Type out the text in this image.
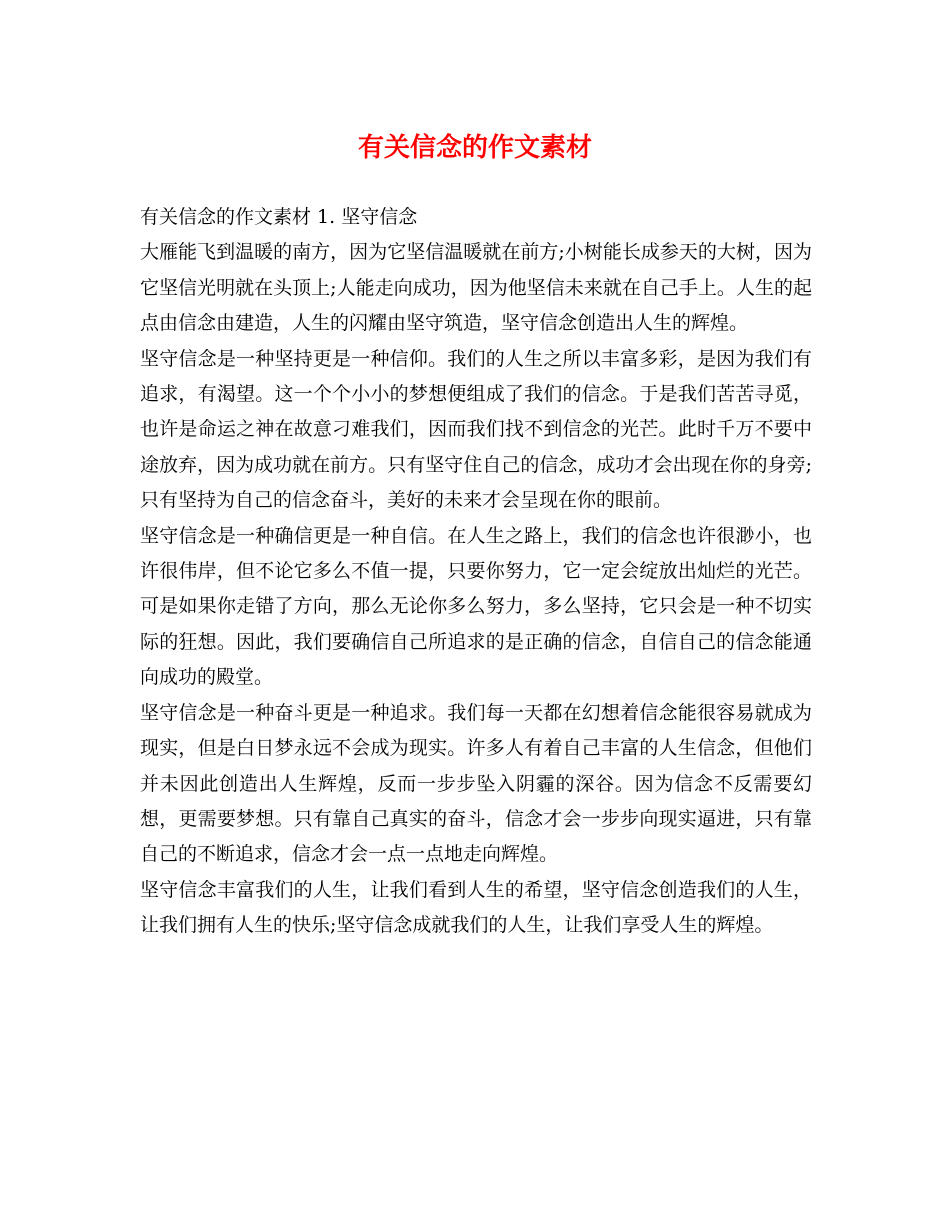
有关信念的作文素材

有关信念的作文素材 1. 坚守信念

大雁能飞到温暖的南方，因为它坚信温暖就在前方;小树能长成参天的大树，因为它坚信光明就在头顶上;人能走向成功，因为他坚信未来就在自己手上。人生的起点由信念由建造，人生的闪耀由坚守筑造，坚守信念创造出人生的辉煌。

坚守信念是一种坚持更是一种信仰。我们的人生之所以丰富多彩，是因为我们有追求，有渴望。这一个个小小的梦想便组成了我们的信念。于是我们苦苦寻觅，也许是命运之神在故意刁难我们，因而我们找不到信念的光芒。此时千万不要中途放弃，因为成功就在前方。只有坚守住自己的信念，成功才会出现在你的身旁;只有坚持为自己的信念奋斗，美好的未来才会呈现在你的眼前。

坚守信念是一种确信更是一种自信。在人生之路上，我们的信念也许很渺小，也许很伟岸，但不论它多么不值一提，只要你努力，它一定会绽放出灿烂的光芒。可是如果你走错了方向，那么无论你多么努力，多么坚持，它只会是一种不切实际的狂想。因此，我们要确信自己所追求的是正确的信念，自信自己的信念能通向成功的殿堂。

坚守信念是一种奋斗更是一种追求。我们每一天都在幻想着信念能很容易就成为现实，但是白日梦永远不会成为现实。许多人有着自己丰富的人生信念，但他们并未因此创造出人生辉煌，反而一步步坠入阴霾的深谷。因为信念不反需要幻想，更需要梦想。只有靠自己真实的奋斗，信念才会一步步向现实逼进，只有靠自己的不断追求，信念才会一点一点地走向辉煌。

坚守信念丰富我们的人生，让我们看到人生的希望，坚守信念创造我们的人生，让我们拥有人生的快乐;坚守信念成就我们的人生，让我们享受人生的辉煌。
